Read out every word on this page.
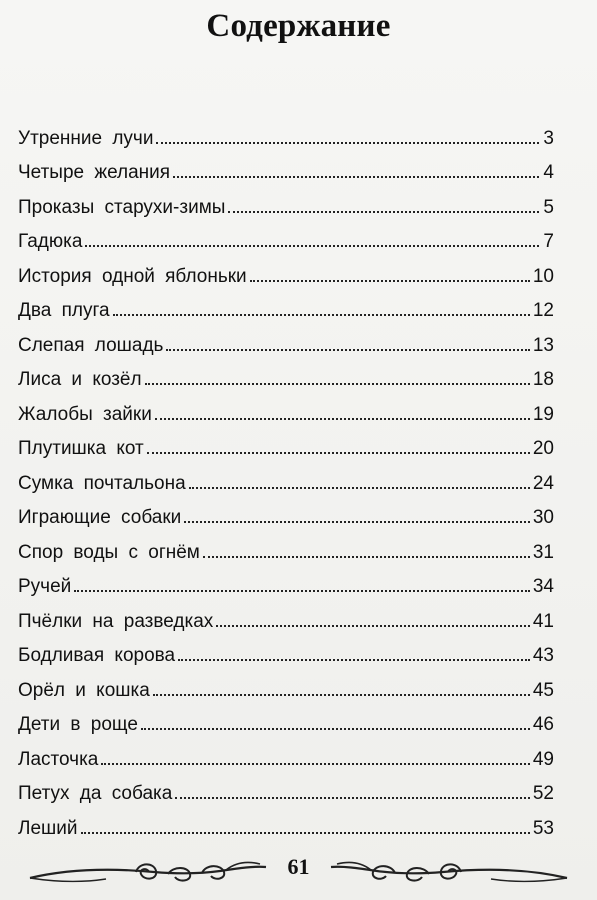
Содержание
Утренние лучи	3
Четыре желания	4
Проказы старухи-зимы	5
Гадюка	7
История одной яблоньки	10
Два плуга	12
Слепая лошадь	13
Лиса и козёл	18
Жалобы зайки	19
Плутишка кот	20
Сумка почтальона	24
Играющие собаки	30
Спор воды с огнём	31
Ручей	34
Пчёлки на разведках	41
Бодливая корова	43
Орёл и кошка	45
Дети в роще	46
Ласточка	49
Петух да собака	52
Леший	53
61
